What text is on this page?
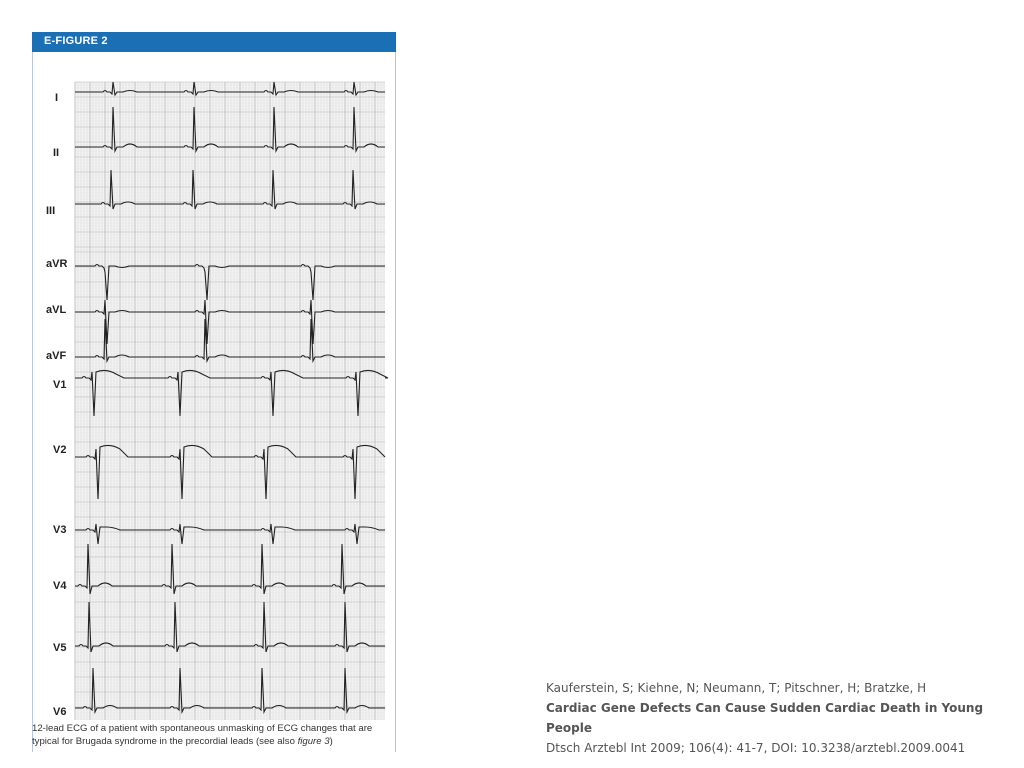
E-FIGURE 2
I
II
III
aVR
aVL
aVF
V1
V2
V3
V4
V5
V6
12-lead ECG of a patient with spontaneous unmasking of ECG changes that are typical for Brugada syndrome in the precordial leads (see also figure 3)
Kauferstein, S; Kiehne, N; Neumann, T; Pitschner, H; Bratzke, H
Cardiac Gene Defects Can Cause Sudden Cardiac Death in Young People
Dtsch Arztebl Int 2009; 106(4): 41-7, DOI: 10.3238/arztebl.2009.0041
